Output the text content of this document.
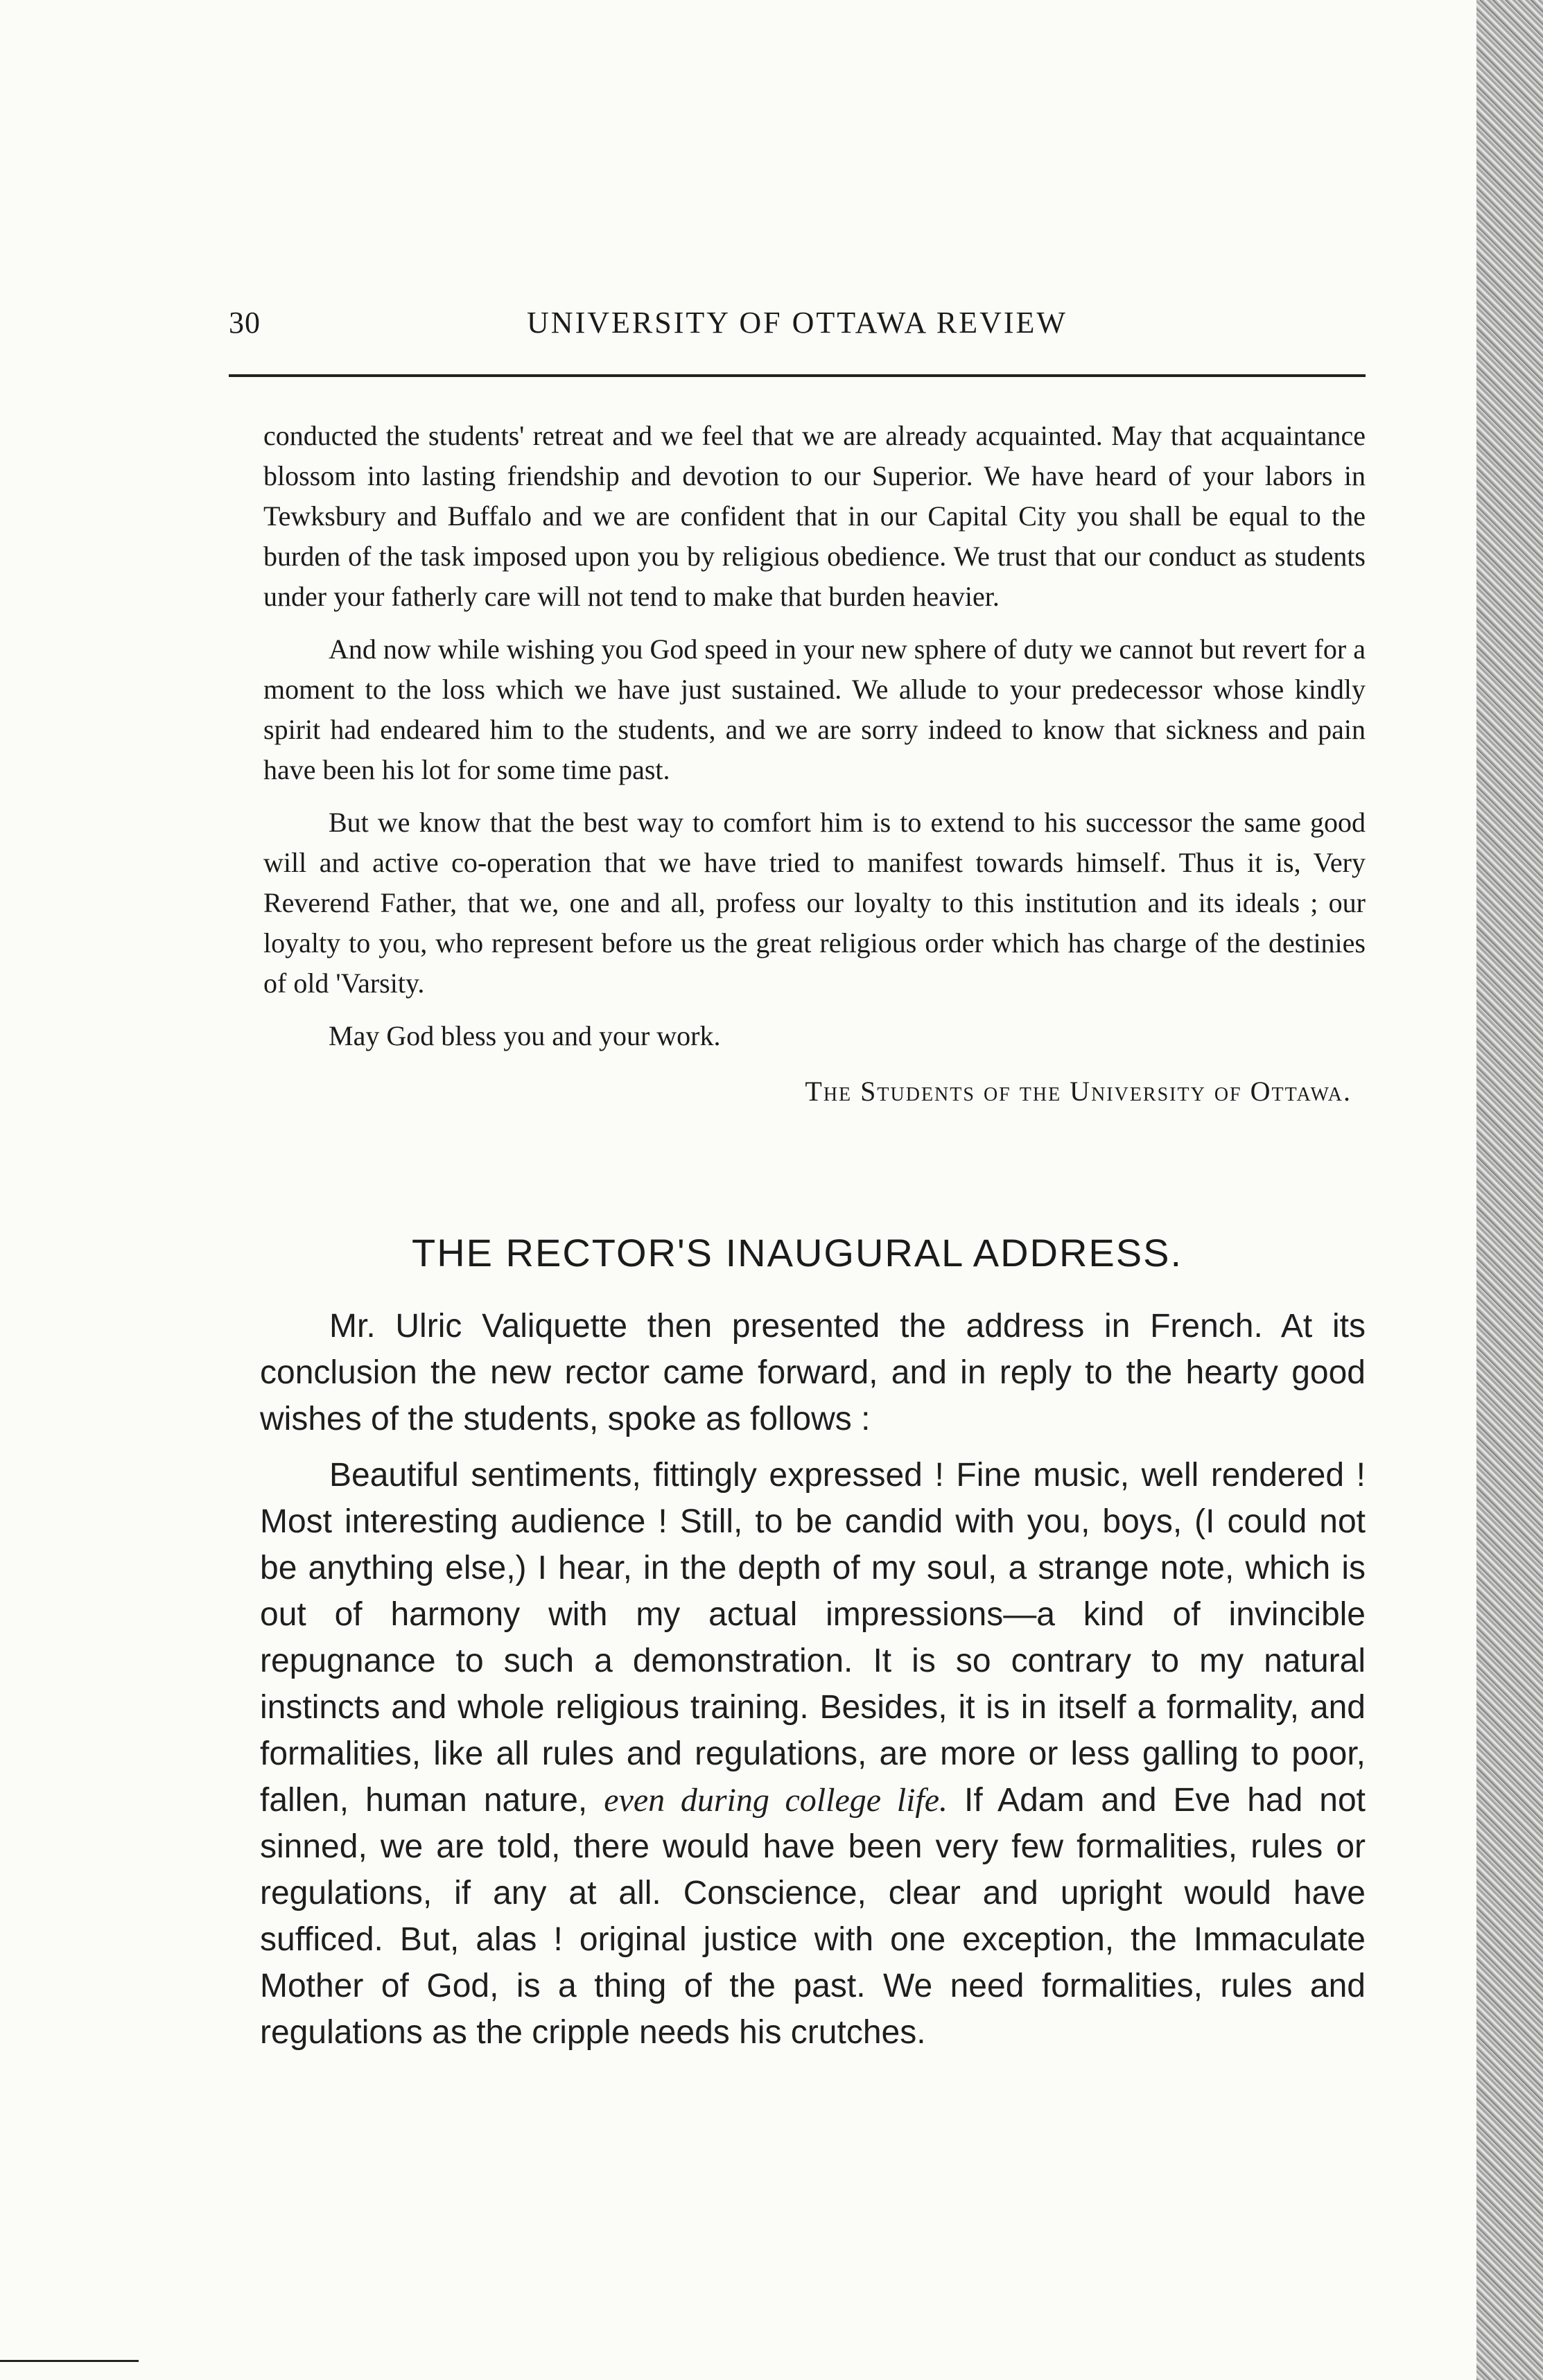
30	UNIVERSITY OF OTTAWA REVIEW

conducted the students' retreat and we feel that we are already acquainted. May that acquaintance blossom into lasting friendship and devotion to our Superior. We have heard of your labors in Tewksbury and Buffalo and we are confident that in our Capital City you shall be equal to the burden of the task imposed upon you by religious obedience. We trust that our conduct as students under your fatherly care will not tend to make that burden heavier.

And now while wishing you God speed in your new sphere of duty we cannot but revert for a moment to the loss which we have just sustained. We allude to your predecessor whose kindly spirit had endeared him to the students, and we are sorry indeed to know that sickness and pain have been his lot for some time past.

But we know that the best way to comfort him is to extend to his successor the same good will and active co-operation that we have tried to manifest towards himself. Thus it is, Very Reverend Father, that we, one and all, profess our loyalty to this institution and its ideals ; our loyalty to you, who represent before us the great religious order which has charge of the destinies of old 'Varsity.

May God bless you and your work.

The Students of the University of Ottawa.

THE RECTOR'S INAUGURAL ADDRESS.

Mr. Ulric Valiquette then presented the address in French. At its conclusion the new rector came forward, and in reply to the hearty good wishes of the students, spoke as follows :

Beautiful sentiments, fittingly expressed ! Fine music, well rendered ! Most interesting audience ! Still, to be candid with you, boys, (I could not be anything else,) I hear, in the depth of my soul, a strange note, which is out of harmony with my actual impressions—a kind of invincible repugnance to such a demonstration. It is so contrary to my natural instincts and whole religious training. Besides, it is in itself a formality, and formalities, like all rules and regulations, are more or less galling to poor, fallen, human nature, even during college life. If Adam and Eve had not sinned, we are told, there would have been very few formalities, rules or regulations, if any at all. Conscience, clear and upright would have sufficed. But, alas ! original justice with one exception, the Immaculate Mother of God, is a thing of the past. We need formalities, rules and regulations as the cripple needs his crutches.
